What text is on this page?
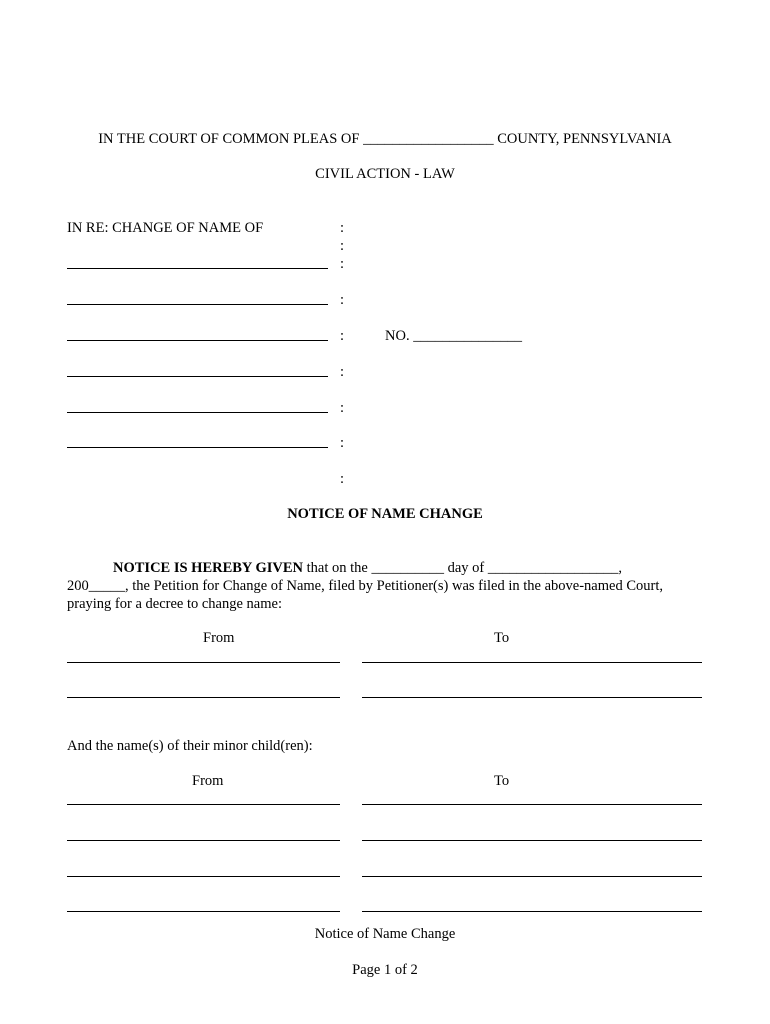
IN THE COURT OF COMMON PLEAS OF __________________ COUNTY, PENNSYLVANIA
CIVIL ACTION - LAW
IN RE: CHANGE OF NAME OF	:
:
:
:
:
:
:
:
:
NO. _______________
NOTICE OF NAME CHANGE
NOTICE IS HEREBY GIVEN that on the __________ day of __________________,
200_____, the Petition for Change of Name, filed by Petitioner(s) was filed in the above-named Court,
praying for a decree to change name:
From	To
And the name(s) of their minor child(ren):
From	To
Notice of Name Change
Page 1 of 2
